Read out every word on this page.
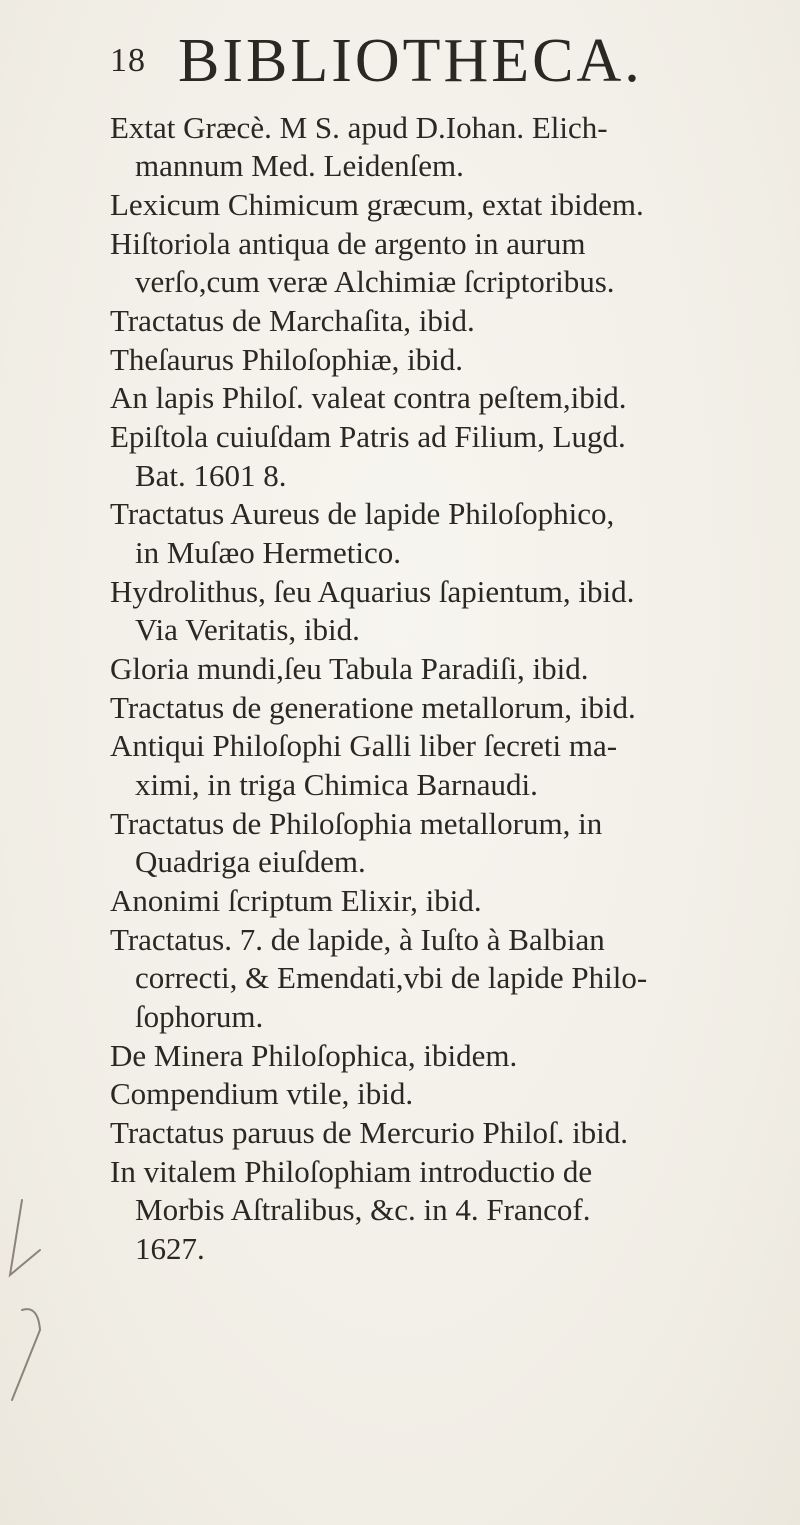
18 BIBLIOTHECA.
Extat Græcè. M S. apud D.Iohan. Elich-
mannum Med. Leidenſem.
Lexicum Chimicum græcum, extat ibidem.
Hiſtoriola antiqua de argento in aurum
verſo,cum veræ Alchimiæ ſcriptoribus.
Tractatus de Marchaſita, ibid.
Theſaurus Philoſophiæ, ibid.
An lapis Philoſ. valeat contra peſtem,ibid.
Epiſtola cuiuſdam Patris ad Filium, Lugd.
Bat. 1601 8.
Tractatus Aureus de lapide Philoſophico,
in Muſæo Hermetico.
Hydrolithus, ſeu Aquarius ſapientum, ibid.
Via Veritatis, ibid.
Gloria mundi,ſeu Tabula Paradiſi, ibid.
Tractatus de generatione metallorum, ibid.
Antiqui Philoſophi Galli liber ſecreti ma-
ximi, in triga Chimica Barnaudi.
Tractatus de Philoſophia metallorum, in
Quadriga eiuſdem.
Anonimi ſcriptum Elixir, ibid.
Tractatus. 7. de lapide, à Iuſto à Balbian
correcti, & Emendati,vbi de lapide Philo-
ſophorum.
De Minera Philoſophica, ibidem.
Compendium vtile, ibid.
Tractatus paruus de Mercurio Philoſ. ibid.
In vitalem Philoſophiam introductio de
Morbis Aſtralibus, &c. in 4. Francof.
1627.
